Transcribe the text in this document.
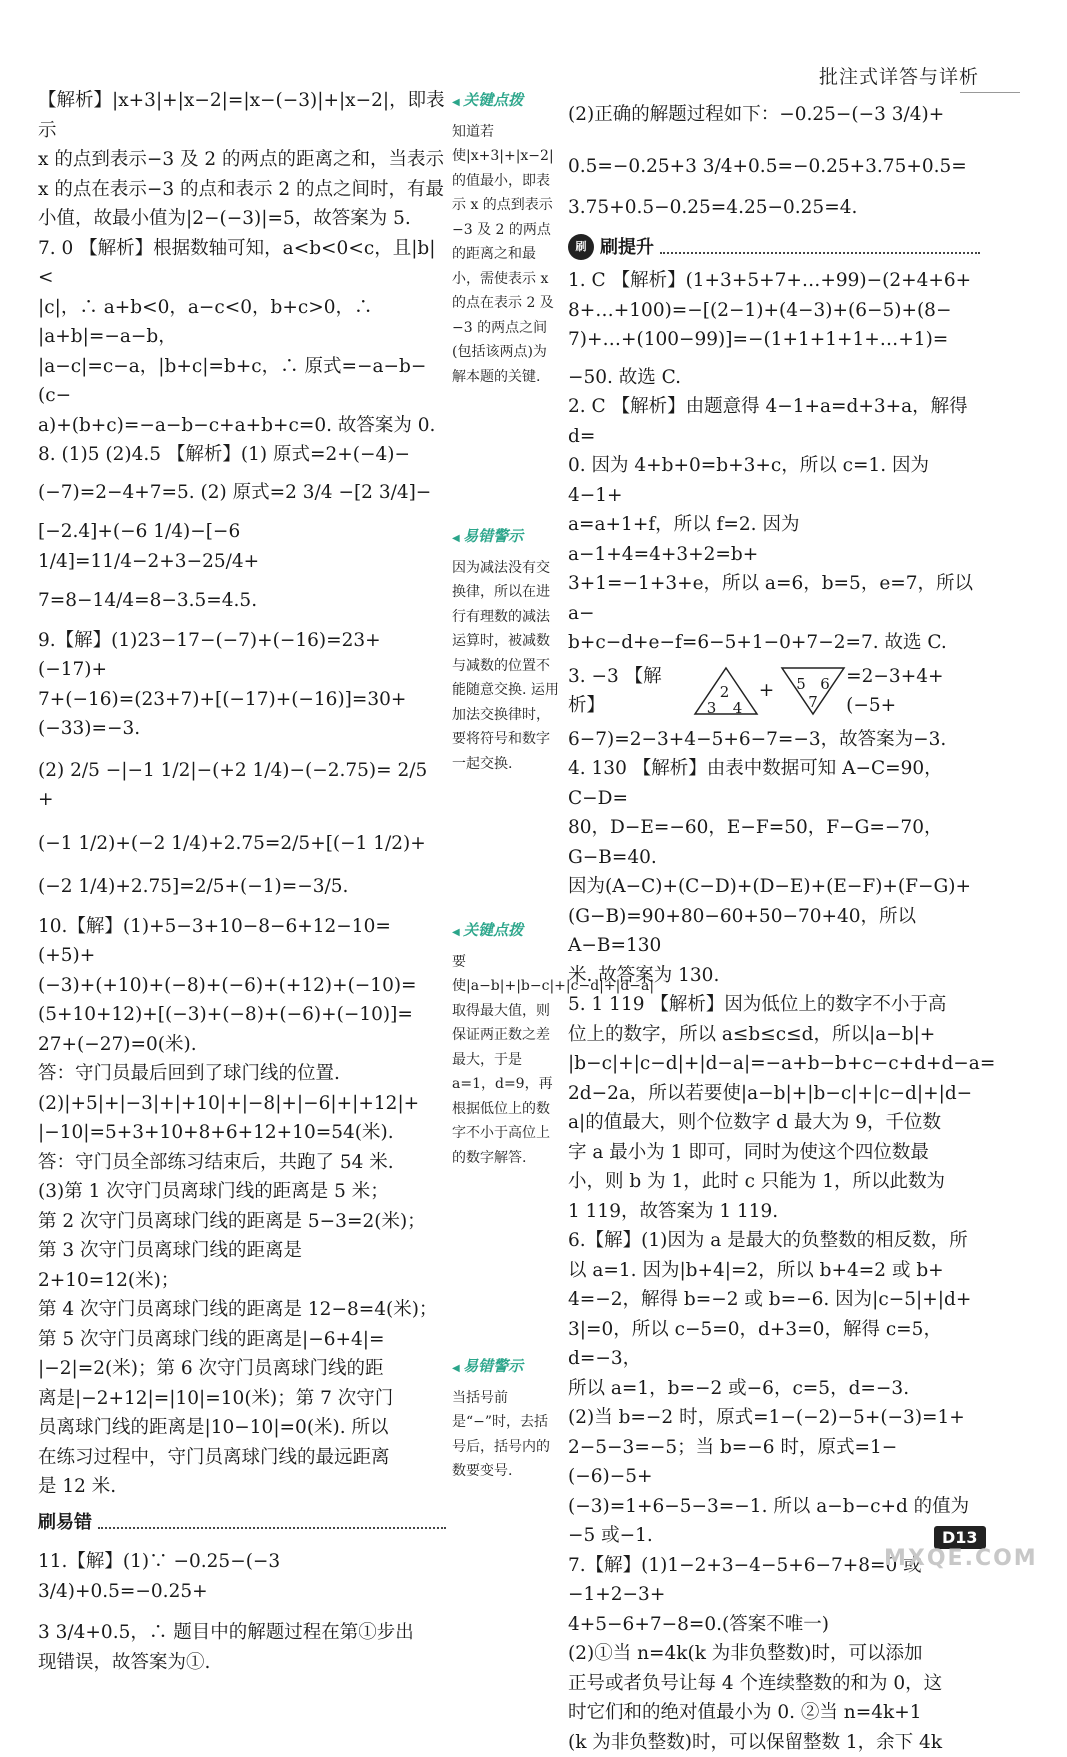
批注式详答与详析

【解析】|x+3|+|x−2|=|x−(−3)|+|x−2|，即表示

x 的点到表示−3 及 2 的两点的距离之和，当表示

x 的点在表示−3 的点和表示 2 的点之间时，有最

小值，故最小值为|2−(−3)|=5，故答案为 5.

7. 0 【解析】根据数轴可知，a<b<0<c，且|b|<

|c|，∴ a+b<0，a−c<0，b+c>0，∴ |a+b|=−a−b，

|a−c|=c−a，|b+c|=b+c，∴ 原式=−a−b−(c−

a)+(b+c)=−a−b−c+a+b+c=0. 故答案为 0.

8. (1)5 (2)4.5 【解析】(1) 原式=2+(−4)−

(−7)=2−4+7=5. (2) 原式=2 3/4 −[2 3/4]−

[−2.4]+(−6 1/4)−[−6 1/4]=11/4−2+3−25/4+

7=8−14/4=8−3.5=4.5.

9.【解】(1)23−17−(−7)+(−16)=23+(−17)+

7+(−16)=(23+7)+[(−17)+(−16)]=30+

(−33)=−3.

(2) 2/5 −|−1 1/2|−(+2 1/4)−(−2.75)= 2/5 +

(−1 1/2)+(−2 1/4)+2.75=2/5+[(−1 1/2)+

(−2 1/4)+2.75]=2/5+(−1)=−3/5.

10.【解】(1)+5−3+10−8−6+12−10=(+5)+

(−3)+(+10)+(−8)+(−6)+(+12)+(−10)=

(5+10+12)+[(−3)+(−8)+(−6)+(−10)]=

27+(−27)=0(米).

答：守门员最后回到了球门线的位置.

(2)|+5|+|−3|+|+10|+|−8|+|−6|+|+12|+

|−10|=5+3+10+8+6+12+10=54(米).

答：守门员全部练习结束后，共跑了 54 米.

(3)第 1 次守门员离球门线的距离是 5 米；

第 2 次守门员离球门线的距离是 5−3=2(米)；

第 3 次守门员离球门线的距离是 2+10=12(米)；

第 4 次守门员离球门线的距离是 12−8=4(米)；

第 5 次守门员离球门线的距离是|−6+4|=

|−2|=2(米)；第 6 次守门员离球门线的距

离是|−2+12|=|10|=10(米)；第 7 次守门

员离球门线的距离是|10−10|=0(米). 所以

在练习过程中，守门员离球门线的最远距离

是 12 米.

刷易错

11.【解】(1)∵ −0.25−(−3 3/4)+0.5=−0.25+

3 3/4+0.5，∴ 题目中的解题过程在第①步出

现错误，故答案为①.

◀ 关键点拨
知道若使|x+3|+|x−2|的值最小，即表示 x 的点到表示−3 及 2 的两点的距离之和最小，需使表示 x 的点在表示 2 及−3 的两点之间(包括该两点)为解本题的关键.
◀ 易错警示
因为减法没有交换律，所以在进行有理数的减法运算时，被减数与减数的位置不能随意交换. 运用加法交换律时，要将符号和数字一起交换.
◀ 关键点拨
要使|a−b|+|b−c|+|c−d|+|d−a|取得最大值，则保证两正数之差最大，于是 a=1，d=9，再根据低位上的数字不小于高位上的数字解答.
◀ 易错警示
当括号前是“−”时，去括号后，括号内的数要变号.

(2)正确的解题过程如下：−0.25−(−3 3/4)+

0.5=−0.25+3 3/4+0.5=−0.25+3.75+0.5=

3.75+0.5−0.25=4.25−0.25=4.

刷 刷提升

1. C 【解析】(1+3+5+7+…+99)−(2+4+6+

8+…+100)=−[(2−1)+(4−3)+(6−5)+(8−

7)+…+(100−99)]=−(1+1+1+1+…+1)=

−50. 故选 C.

2. C 【解析】由题意得 4−1+a=d+3+a，解得 d=

0. 因为 4+b+0=b+3+c，所以 c=1. 因为 4−1+

a=a+1+f，所以 f=2. 因为 a−1+4=4+3+2=b+

3+1=−1+3+e，所以 a=6，b=5，e=7，所以 a−

b+c−d+e−f=6−5+1−0+7−2=7. 故选 C.

3. −3 【解析】
2
3 4
+ 5 6
7
=2−3+4+(−5+

6−7)=2−3+4−5+6−7=−3，故答案为−3.

4. 130 【解析】由表中数据可知 A−C=90，C−D=

80，D−E=−60，E−F=50，F−G=−70，G−B=40.

因为(A−C)+(C−D)+(D−E)+(E−F)+(F−G)+

(G−B)=90+80−60+50−70+40，所以 A−B=130

米. 故答案为 130.

5. 1 119 【解析】因为低位上的数字不小于高

位上的数字，所以 a≤b≤c≤d，所以|a−b|+

|b−c|+|c−d|+|d−a|=−a+b−b+c−c+d+d−a=

2d−2a，所以若要使|a−b|+|b−c|+|c−d|+|d−

a|的值最大，则个位数字 d 最大为 9，千位数

字 a 最小为 1 即可，同时为使这个四位数最

小，则 b 为 1，此时 c 只能为 1，所以此数为

1 119，故答案为 1 119.

6.【解】(1)因为 a 是最大的负整数的相反数，所

以 a=1. 因为|b+4|=2，所以 b+4=2 或 b+

4=−2，解得 b=−2 或 b=−6. 因为|c−5|+|d+

3|=0，所以 c−5=0，d+3=0，解得 c=5，d=−3，

所以 a=1，b=−2 或−6，c=5，d=−3.

(2)当 b=−2 时，原式=1−(−2)−5+(−3)=1+

2−5−3=−5；当 b=−6 时，原式=1−(−6)−5+

(−3)=1+6−5−3=−1. 所以 a−b−c+d 的值为

−5 或−1.

7.【解】(1)1−2+3−4−5+6−7+8=0 或−1+2−3+

4+5−6+7−8=0.(答案不唯一)

(2)①当 n=4k(k 为非负整数)时，可以添加

正号或者负号让每 4 个连续整数的和为 0，这

时它们和的绝对值最小为 0. ②当 n=4k+1

(k 为非负整数)时，可以保留整数 1，余下 4k

D13
MXQE.COM
